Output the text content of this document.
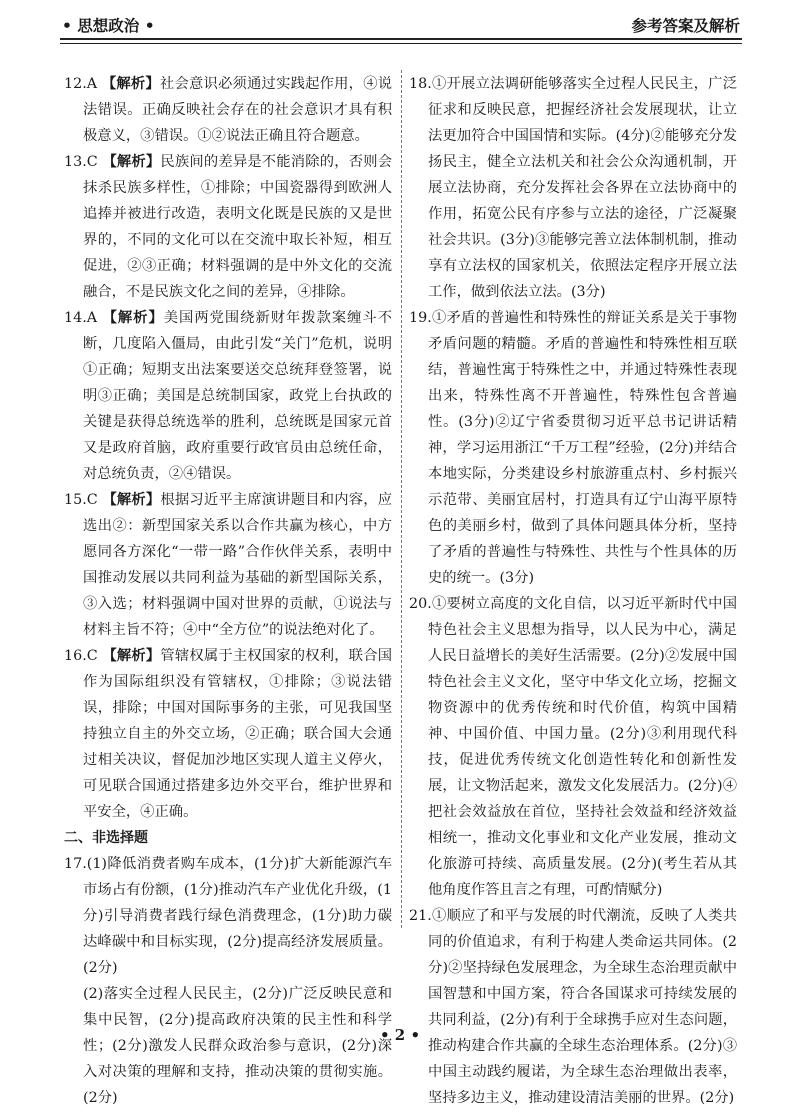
• 思想政治 •	参考答案及解析
12.A 【解析】社会意识必须通过实践起作用，④说法错误。正确反映社会存在的社会意识才具有积极意义，③错误。①②说法正确且符合题意。
13.C 【解析】民族间的差异是不能消除的，否则会抹杀民族多样性，①排除；中国瓷器得到欧洲人追捧并被进行改造，表明文化既是民族的又是世界的，不同的文化可以在交流中取长补短，相互促进，②③正确；材料强调的是中外文化的交流融合，不是民族文化之间的差异，④排除。
14.A 【解析】美国两党围绕新财年拨款案缠斗不断，几度陷入僵局，由此引发“关门”危机，说明①正确；短期支出法案要送交总统拜登签署，说明③正确；美国是总统制国家，政党上台执政的关键是获得总统选举的胜利，总统既是国家元首又是政府首脑，政府重要行政官员由总统任命，对总统负责，②④错误。
15.C 【解析】根据习近平主席演讲题目和内容，应选出②：新型国家关系以合作共赢为核心，中方愿同各方深化“一带一路”合作伙伴关系，表明中国推动发展以共同利益为基础的新型国际关系，③入选；材料强调中国对世界的贡献，①说法与材料主旨不符；④中“全方位”的说法绝对化了。
16.C 【解析】管辖权属于主权国家的权利，联合国作为国际组织没有管辖权，①排除；③说法错误，排除；中国对国际事务的主张，可见我国坚持独立自主的外交立场，②正确；联合国大会通过相关决议，督促加沙地区实现人道主义停火，可见联合国通过搭建多边外交平台，维护世界和平安全，④正确。
二、非选择题

17.(1)降低消费者购车成本，(1分)扩大新能源汽车市场占有份额，(1分)推动汽车产业优化升级，(1分)引导消费者践行绿色消费理念，(1分)助力碳达峰碳中和目标实现，(2分)提高经济发展质量。(2分)

(2)落实全过程人民民主，(2分)广泛反映民意和集中民智，(2分)提高政府决策的民主性和科学性；(2分)激发人民群众政治参与意识，(2分)深入对决策的理解和支持，推动决策的贯彻实施。(2分)

18.①开展立法调研能够落实全过程人民民主，广泛征求和反映民意，把握经济社会发展现状，让立法更加符合中国国情和实际。(4分)②能够充分发扬民主，健全立法机关和社会公众沟通机制，开展立法协商，充分发挥社会各界在立法协商中的作用，拓宽公民有序参与立法的途径，广泛凝聚社会共识。(3分)③能够完善立法体制机制，推动享有立法权的国家机关，依照法定程序开展立法工作，做到依法立法。(3分)
19.①矛盾的普遍性和特殊性的辩证关系是关于事物矛盾问题的精髓。矛盾的普遍性和特殊性相互联结，普遍性寓于特殊性之中，并通过特殊性表现出来，特殊性离不开普遍性，特殊性包含普遍性。(3分)②辽宁省委贯彻习近平总书记讲话精神，学习运用浙江“千万工程”经验，(2分)并结合本地实际，分类建设乡村旅游重点村、乡村振兴示范带、美丽宜居村，打造具有辽宁山海平原特色的美丽乡村，做到了具体问题具体分析，坚持了矛盾的普遍性与特殊性、共性与个性具体的历史的统一。(3分)
20.①要树立高度的文化自信，以习近平新时代中国特色社会主义思想为指导，以人民为中心，满足人民日益增长的美好生活需要。(2分)②发展中国特色社会主义文化，坚守中华文化立场，挖掘文物资源中的优秀传统和时代价值，构筑中国精神、中国价值、中国力量。(2分)③利用现代科技，促进优秀传统文化创造性转化和创新性发展，让文物活起来，激发文化发展活力。(2分)④把社会效益放在首位，坚持社会效益和经济效益相统一，推动文化事业和文化产业发展，推动文化旅游可持续、高质量发展。(2分)(考生若从其他角度作答且言之有理，可酌情赋分)
21.①顺应了和平与发展的时代潮流，反映了人类共同的价值追求，有利于构建人类命运共同体。(2分)②坚持绿色发展理念，为全球生态治理贡献中国智慧和中国方案，符合各国谋求可持续发展的共同利益，(2分)有利于全球携手应对生态问题，推动构建合作共赢的全球生态治理体系。(2分)③中国主动践约履诺，为全球生态治理做出表率，坚持多边主义，推动建设清洁美丽的世界。(2分)
• 2 •
